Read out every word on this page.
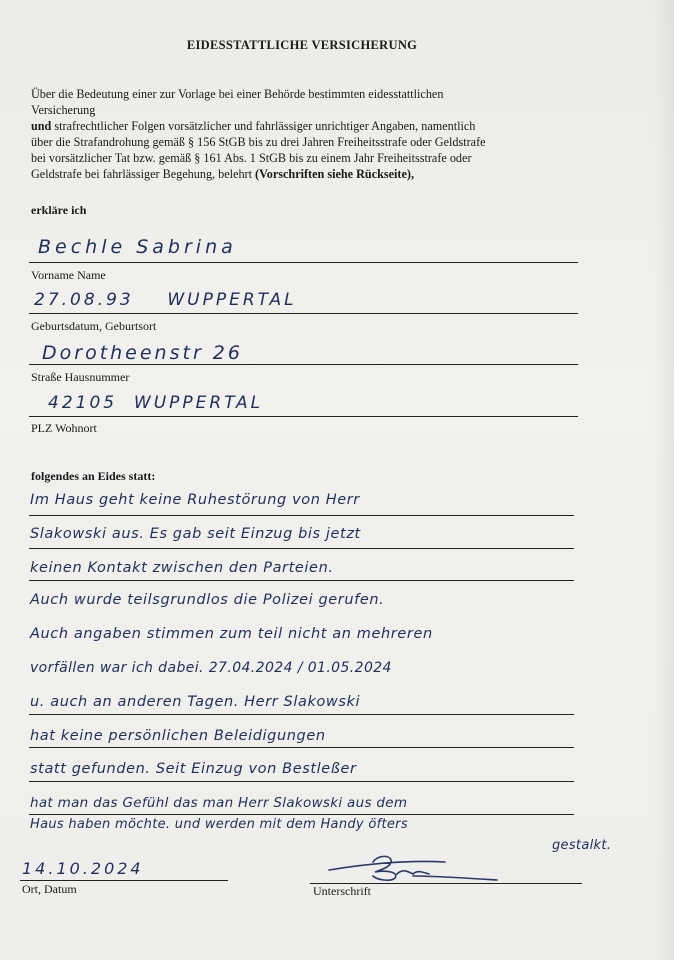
EIDESSTATTLICHE VERSICHERUNG
Über die Bedeutung einer zur Vorlage bei einer Behörde bestimmten eidesstattlichen
Versicherung
und strafrechtlicher Folgen vorsätzlicher und fahrlässiger unrichtiger Angaben, namentlich
über die Strafandrohung gemäß § 156 StGB bis zu drei Jahren Freiheitsstrafe oder Geldstrafe
bei vorsätzlicher Tat bzw. gemäß § 161 Abs. 1 StGB bis zu einem Jahr Freiheitsstrafe oder
Geldstrafe bei fahrlässiger Begehung, belehrt (Vorschriften siehe Rückseite),
erkläre ich
Bechle Sabrina
Vorname Name
27.08.93    WUPPERTAL
Geburtsdatum, Geburtsort
Dorotheenstr 26
Straße Hausnummer
42105  WUPPERTAL
PLZ Wohnort
folgendes an Eides statt:
Im Haus geht keine Ruhestörung von Herr
Slakowski aus. Es gab seit Einzug bis jetzt
keinen Kontakt zwischen den Parteien.
Auch wurde teilsgrundlos die Polizei gerufen.
Auch angaben stimmen zum teil nicht an mehreren
vorfällen war ich dabei. 27.04.2024 / 01.05.2024
u. auch an anderen Tagen. Herr Slakowski
hat keine persönlichen Beleidigungen
statt gefunden. Seit Einzug von Bestleßer
hat man das Gefühl das man Herr Slakowski aus dem
Haus haben möchte. und werden mit dem Handy öfters
gestalkt.
14.10.2024
Ort, Datum	Unterschrift
